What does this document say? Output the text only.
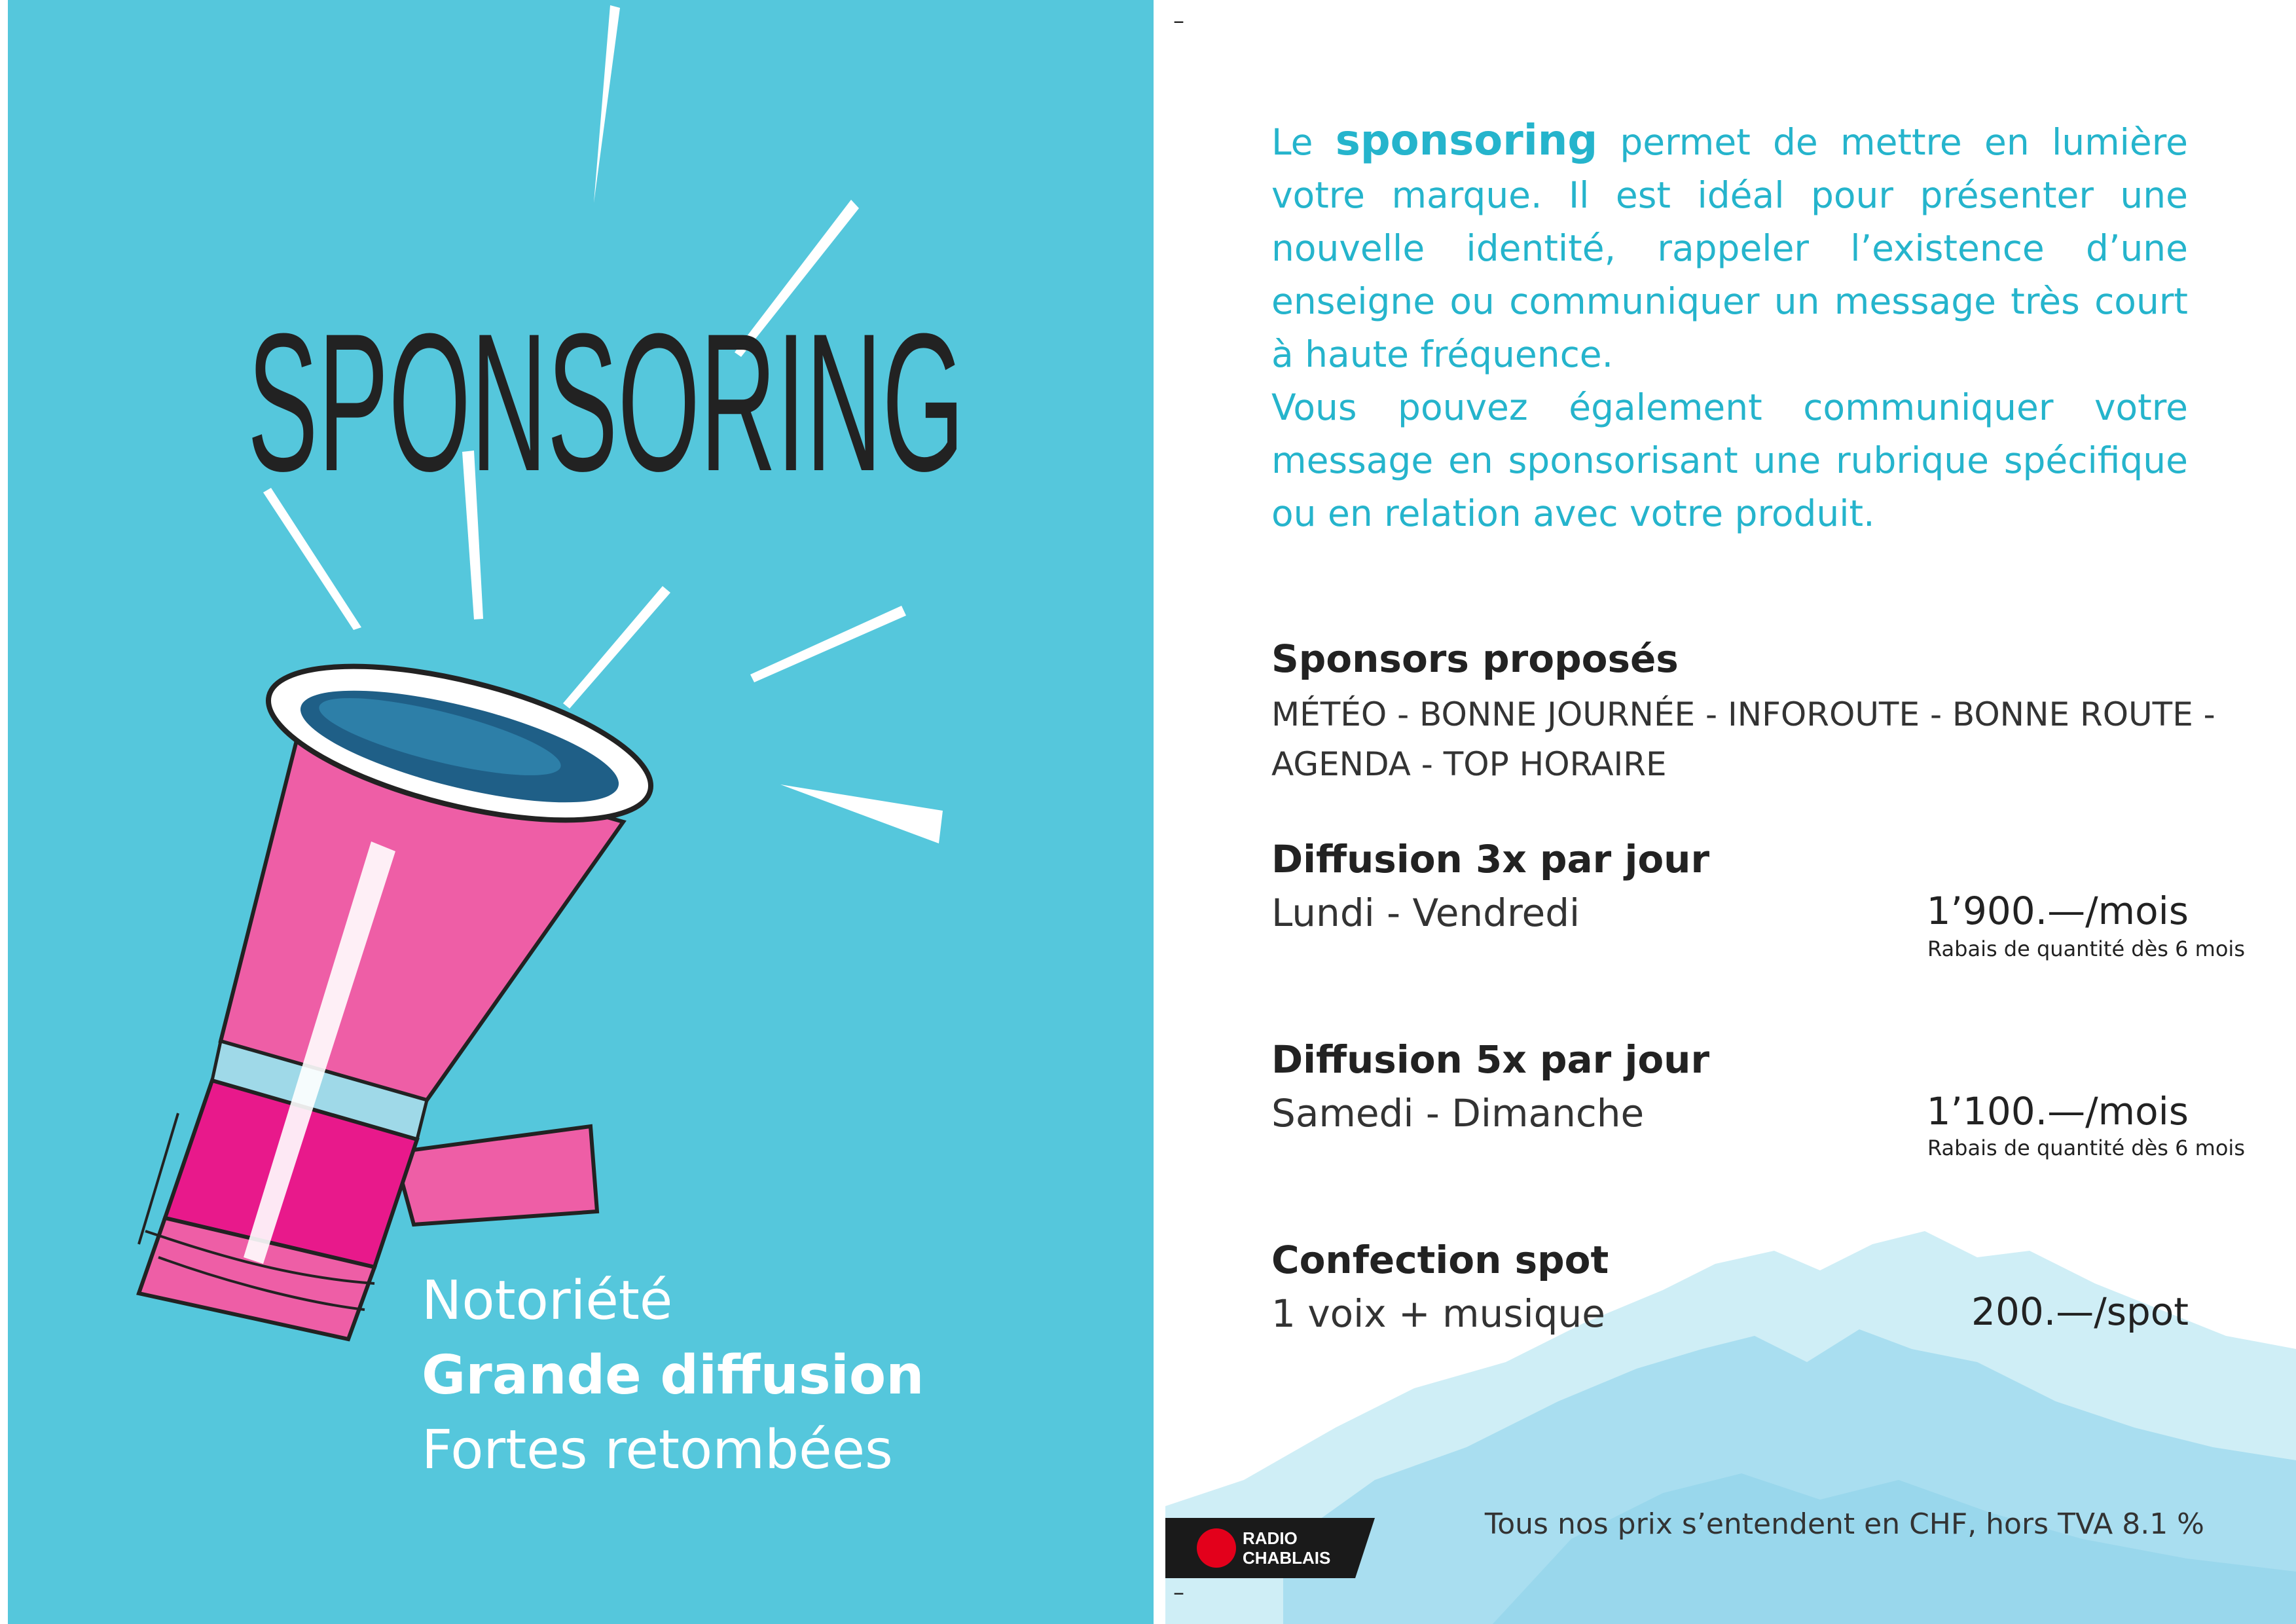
SPONSORING
Notoriété
Grande diffusion
Fortes retombées
–
–

Le sponsoring permet de mettre en lumière votre marque. Il est idéal pour présenter une nouvelle identité, rappeler l’existence d’une enseigne ou communiquer un message très court à haute fréquence.

Vous pouvez également communiquer votre message en sponsorisant une rubrique spécifique ou en relation avec votre produit.

Sponsors proposés
MÉTÉO - BONNE JOURNÉE - INFOROUTE - BONNE ROUTE -
AGENDA - TOP HORAIRE
Diffusion 3x par jour
Lundi - Vendredi	1’900.—/mois
Rabais de quantité dès 6 mois
Diffusion 5x par jour
Samedi - Dimanche	1’100.—/mois
Rabais de quantité dès 6 mois
Confection spot
1 voix + musique	200.—/spot
Tous nos prix s’entendent en CHF, hors TVA 8.1 %
RADIO
CHABLAIS
